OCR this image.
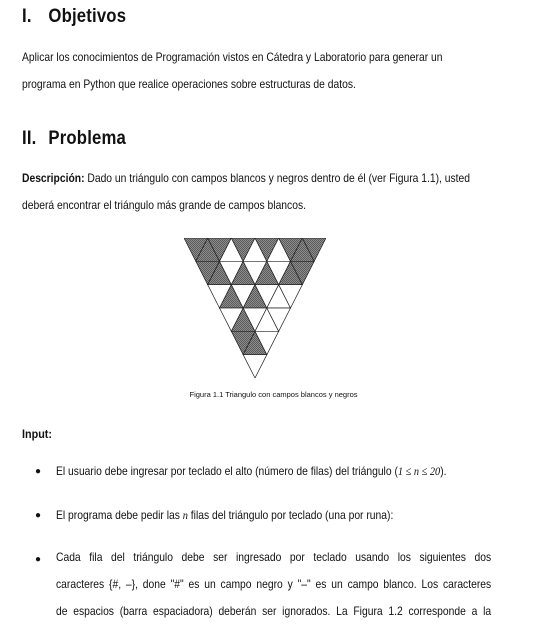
I. Objetivos
Aplicar los conocimientos de Programación vistos en Cátedra y Laboratorio para generar un
programa en Python que realice operaciones sobre estructuras de datos.
II. Problema
Descripción: Dado un triángulo con campos blancos y negros dentro de él (ver Figura 1.1), usted
deberá encontrar el triángulo más grande de campos blancos.
Figura 1.1 Triangulo con campos blancos y negros
Input:
● El usuario debe ingresar por teclado el alto (número de filas) del triángulo (1 ≤ n ≤ 20).
● El programa debe pedir las n filas del triángulo por teclado (una por runa):
● Cada fila del triángulo debe ser ingresado por teclado usando los siguientes dos
caracteres {#, –}, done "#" es un campo negro y "–" es un campo blanco. Los caracteres
de espacios (barra espaciadora) deberán ser ignorados. La Figura 1.2 corresponde a la
